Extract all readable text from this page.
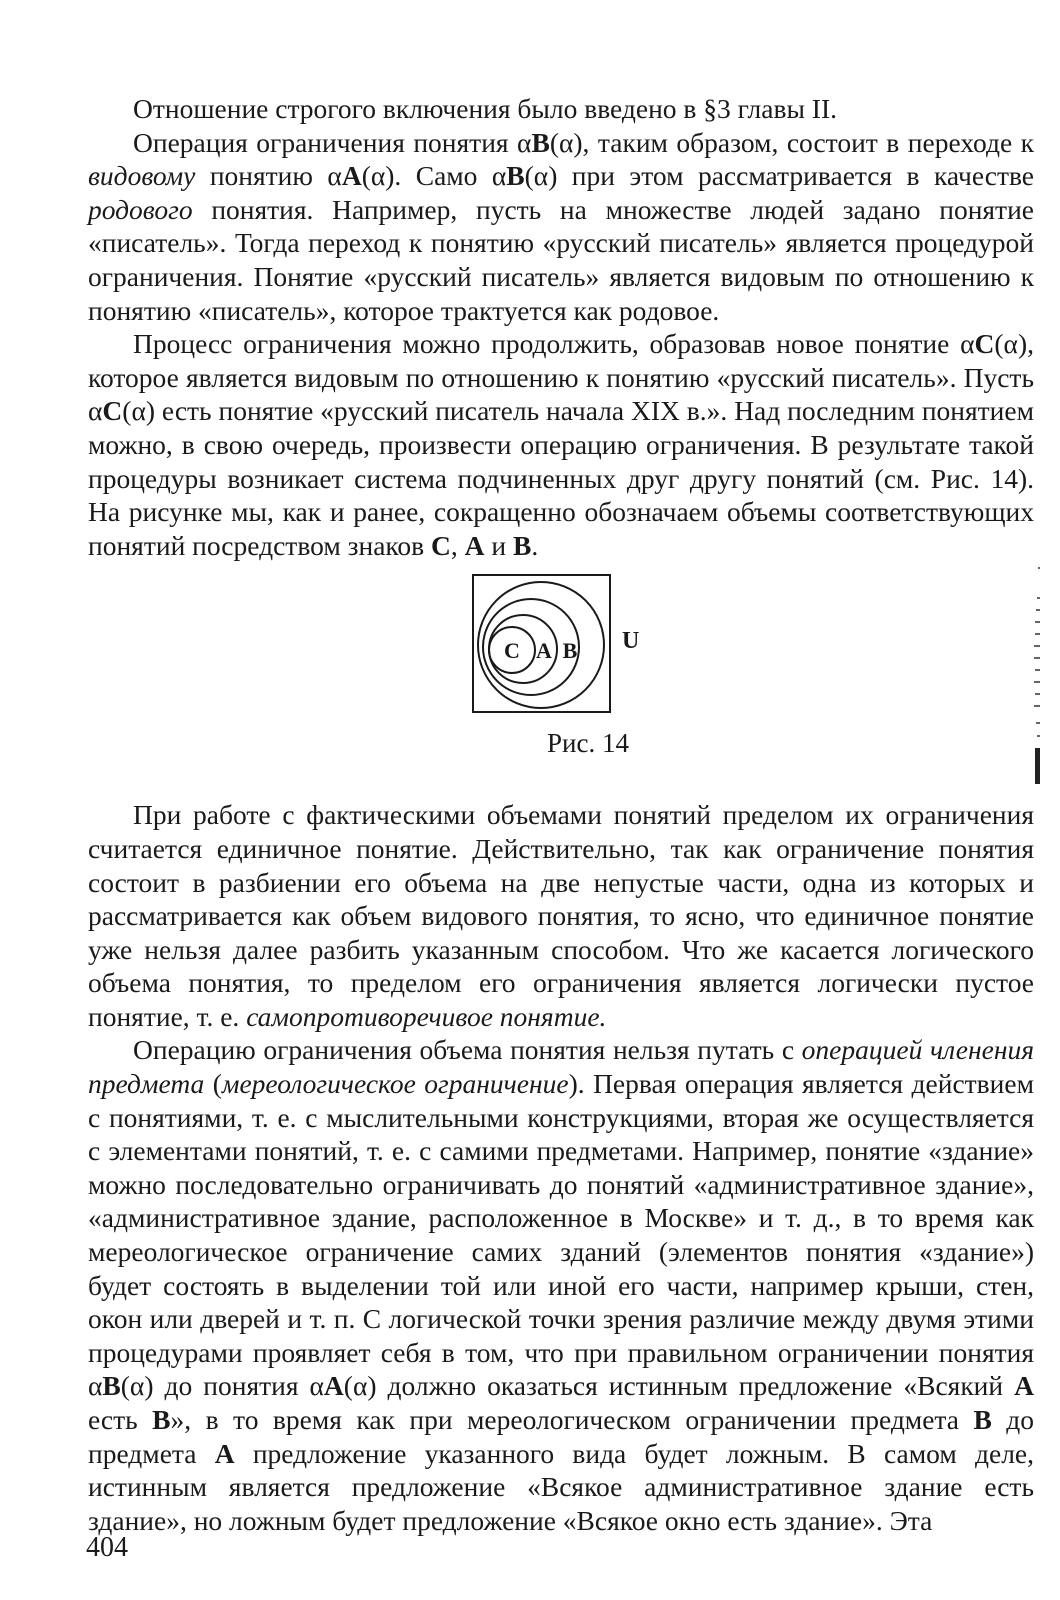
Отношение строгого включения было введено в §3 главы II.

Операция ограничения понятия αB(α), таким образом, состоит в переходе к видовому понятию αA(α). Само αB(α) при этом рассматривается в качестве родового понятия. Например, пусть на множестве людей задано понятие «писатель». Тогда переход к понятию «русский писатель» является процедурой ограничения. Понятие «русский писатель» является видовым по отношению к понятию «писатель», которое трактуется как родовое.

Процесс ограничения можно продолжить, образовав новое понятие αC(α), которое является видовым по отношению к понятию «русский писатель». Пусть αC(α) есть понятие «русский писатель начала XIX в.». Над последним понятием можно, в свою очередь, произвести операцию ограничения. В результате такой процедуры возникает система подчиненных друг другу понятий (см. Рис. 14). На рисунке мы, как и ранее, сокращенно обозначаем объемы соответствующих понятий посредством знаков C, A и B.

C A B U
Рис. 14

При работе с фактическими объемами понятий пределом их ограничения считается единичное понятие. Действительно, так как ограничение понятия состоит в разбиении его объема на две непустые части, одна из которых и рассматривается как объем видового понятия, то ясно, что единичное понятие уже нельзя далее разбить указанным способом. Что же касается логического объема понятия, то пределом его ограничения является логически пустое понятие, т. е. самопротиворечивое понятие.

Операцию ограничения объема понятия нельзя путать с операцией членения предмета (мереологическое ограничение). Первая операция является действием с понятиями, т. е. с мыслительными конструкциями, вторая же осуществляется с элементами понятий, т. е. с самими предметами. Например, понятие «здание» можно последовательно ограничивать до понятий «административное здание», «административное здание, расположенное в Москве» и т. д., в то время как мереологическое ограничение самих зданий (элементов понятия «здание») будет состоять в выделении той или иной его части, например крыши, стен, окон или дверей и т. п. С логической точки зрения различие между двумя этими процедурами проявляет себя в том, что при правильном ограничении понятия αB(α) до понятия αA(α) должно оказаться истинным предложение «Всякий A есть B», в то время как при мереологическом ограничении предмета B до предмета A предложение указанного вида будет ложным. В самом деле, истинным является предложение «Всякое административное здание есть здание», но ложным будет предложение «Всякое окно есть здание». Эта

404
